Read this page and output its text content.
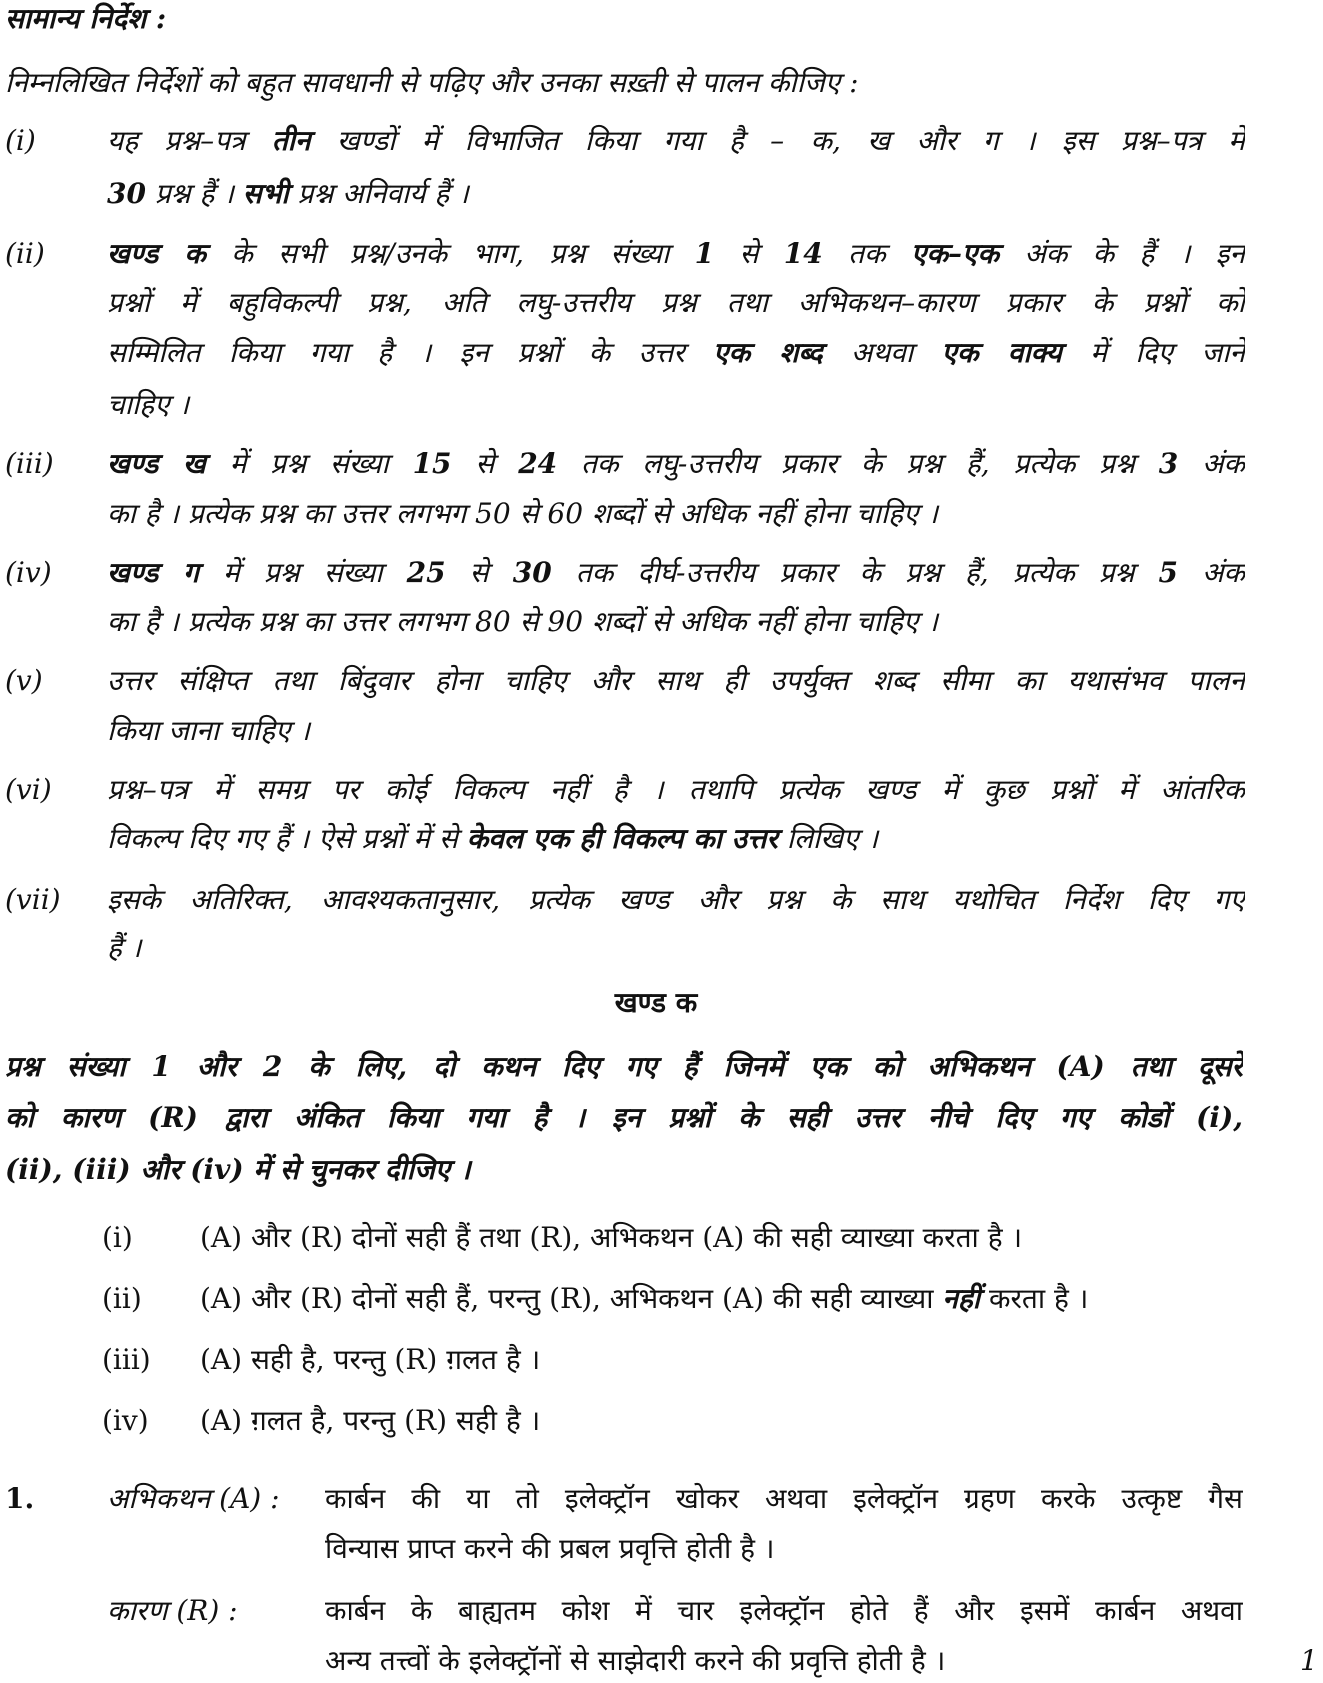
सामान्य निर्देश :
निम्नलिखित निर्देशों को बहुत सावधानी से पढ़िए और उनका सख़्ती से पालन कीजिए :
(i)	यह प्रश्न–पत्र तीन खण्डों में विभाजित किया गया है – क, ख और ग । इस प्रश्न–पत्र में
30 प्रश्न हैं । सभी प्रश्न अनिवार्य हैं ।
(ii) खण्ड क के सभी प्रश्न/उनके भाग, प्रश्न संख्या 1 से 14 तक एक–एक अंक के हैं । इन
प्रश्नों में बहुविकल्पी प्रश्न, अति लघु-उत्तरीय प्रश्न तथा अभिकथन–कारण प्रकार के प्रश्नों को
सम्मिलित किया गया है । इन प्रश्नों के उत्तर एक शब्द अथवा एक वाक्य में दिए जाने
चाहिए ।
(iii) खण्ड ख में प्रश्न संख्या 15 से 24 तक लघु-उत्तरीय प्रकार के प्रश्न हैं, प्रत्येक प्रश्न 3 अंक
का है । प्रत्येक प्रश्न का उत्तर लगभग 50 से 60 शब्दों से अधिक नहीं होना चाहिए ।
(iv) खण्ड ग में प्रश्न संख्या 25 से 30 तक दीर्घ-उत्तरीय प्रकार के प्रश्न हैं, प्रत्येक प्रश्न 5 अंक
का है । प्रत्येक प्रश्न का उत्तर लगभग 80 से 90 शब्दों से अधिक नहीं होना चाहिए ।
(v) उत्तर संक्षिप्त तथा बिंदुवार होना चाहिए और साथ ही उपर्युक्त शब्द सीमा का यथासंभव पालन
किया जाना चाहिए ।
(vi) प्रश्न–पत्र में समग्र पर कोई विकल्प नहीं है । तथापि प्रत्येक खण्ड में कुछ प्रश्नों में आंतरिक
विकल्प दिए गए हैं । ऐसे प्रश्नों में से केवल एक ही विकल्प का उत्तर लिखिए ।
(vii) इसके अतिरिक्त, आवश्यकतानुसार, प्रत्येक खण्ड और प्रश्न के साथ यथोचित निर्देश दिए गए
हैं ।
खण्ड क
प्रश्न संख्या 1 और 2 के लिए, दो कथन दिए गए हैं जिनमें एक को अभिकथन (A) तथा दूसरे
को कारण (R) द्वारा अंकित किया गया है । इन प्रश्नों के सही उत्तर नीचे दिए गए कोडों (i),
(ii), (iii) और (iv) में से चुनकर दीजिए ।
(i) (A) और (R) दोनों सही हैं तथा (R), अभिकथन (A) की सही व्याख्या करता है ।
(ii) (A) और (R) दोनों सही हैं, परन्तु (R), अभिकथन (A) की सही व्याख्या नहीं करता है ।
(iii) (A) सही है, परन्तु (R) ग़लत है ।
(iv) (A) ग़लत है, परन्तु (R) सही है ।
1.	अभिकथन (A) : कार्बन की या तो इलेक्ट्रॉन खोकर अथवा इलेक्ट्रॉन ग्रहण करके उत्कृष्ट गैस
विन्यास प्राप्त करने की प्रबल प्रवृत्ति होती है ।
कारण (R) :	कार्बन के बाह्यतम कोश में चार इलेक्ट्रॉन होते हैं और इसमें कार्बन अथवा
अन्य तत्त्वों के इलेक्ट्रॉनों से साझेदारी करने की प्रवृत्ति होती है ।	1
